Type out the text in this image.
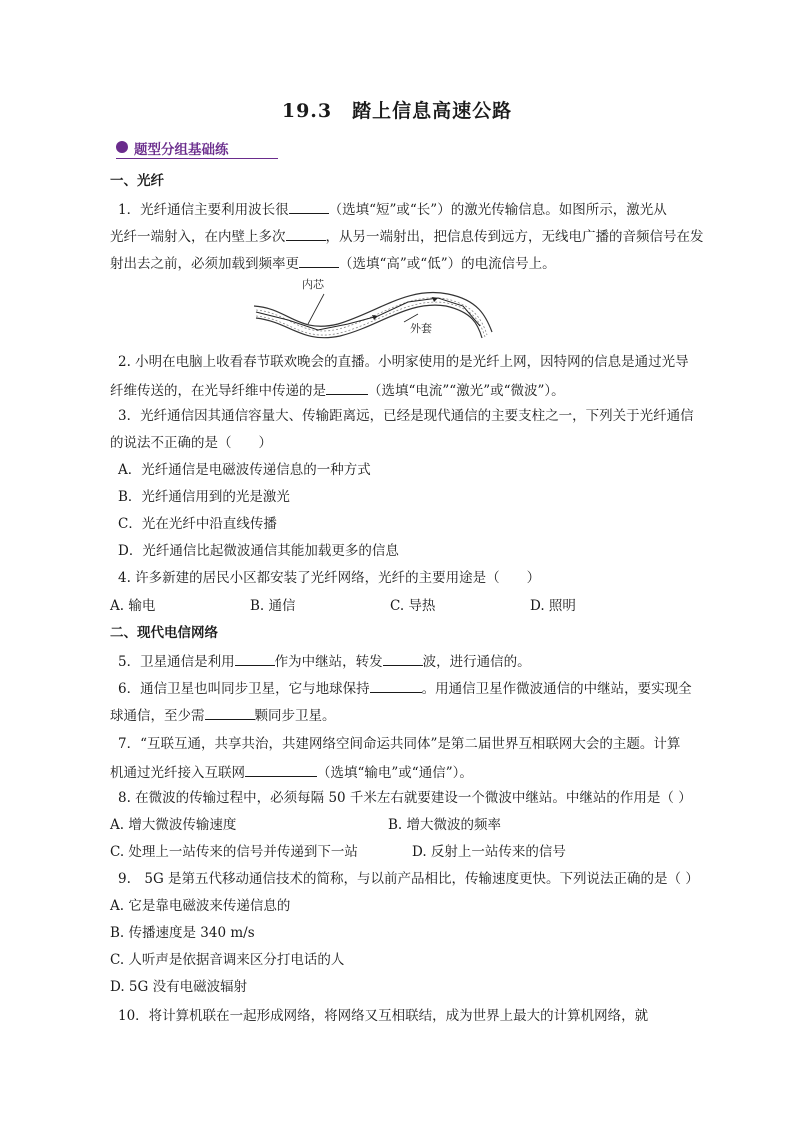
19.3　踏上信息高速公路
题型分组基础练
一、光纤
1．光纤通信主要利用波长很	（选填“短”或“长”）的激光传输信息。如图所示，激光从
光纤一端射入，在内壁上多次	，从另一端射出，把信息传到远方，无线电广播的音频信号在发
射出去之前，必须加载到频率更	（选填“高”或“低”）的电流信号上。
内芯
外套
2. 小明在电脑上收看春节联欢晚会的直播。小明家使用的是光纤上网，因特网的信息是通过光导
纤维传送的，在光导纤维中传递的是	（选填“电流”“激光”或“微波”）。
3．光纤通信因其通信容量大、传输距离远，已经是现代通信的主要支柱之一，下列关于光纤通信
的说法不正确的是（　　）
A．光纤通信是电磁波传递信息的一种方式
B．光纤通信用到的光是激光
C．光在光纤中沿直线传播
D．光纤通信比起微波通信其能加载更多的信息
4. 许多新建的居民小区都安装了光纤网络，光纤的主要用途是（　　）
A. 输电	B. 通信	C. 导热	D. 照明
二、现代电信网络
5．卫星通信是利用	作为中继站，转发	波，进行通信的。
6．通信卫星也叫同步卫星，它与地球保持	。用通信卫星作微波通信的中继站，要实现全
球通信，至少需	颗同步卫星。
7．“互联互通，共享共治，共建网络空间命运共同体”是第二届世界互相联网大会的主题。计算
机通过光纤接入互联网	（选填“输电”或“通信”）。
8. 在微波的传输过程中，必须每隔 50 千米左右就要建设一个微波中继站。中继站的作用是（ ）
A. 增大微波传输速度	B. 增大微波的频率
C. 处理上一站传来的信号并传递到下一站	D. 反射上一站传来的信号
9.　5G 是第五代移动通信技术的简称，与以前产品相比，传输速度更快。下列说法正确的是（ ）
A. 它是靠电磁波来传递信息的
B. 传播速度是 340 m/s
C. 人听声是依据音调来区分打电话的人
D. 5G 没有电磁波辐射
10．将计算机联在一起形成网络，将网络又互相联结，成为世界上最大的计算机网络，就
